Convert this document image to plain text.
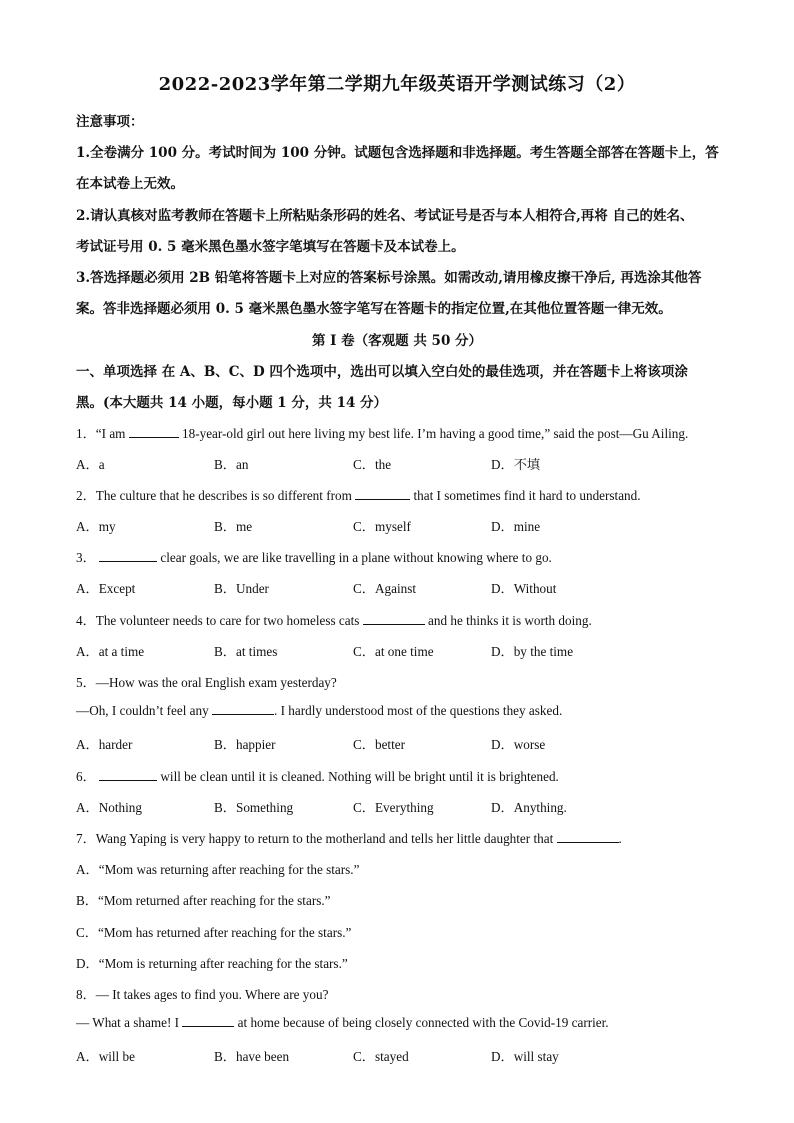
2022-2023学年第二学期九年级英语开学测试练习（2）
注意事项：
1.全卷满分 100 分。考试时间为 100 分钟。试题包含选择题和非选择题。考生答题全部答在答题卡上，答
在本试卷上无效。
2.请认真核对监考教师在答题卡上所粘贴条形码的姓名、考试证号是否与本人相符合,再将 自己的姓名、
考试证号用 0. 5 毫米黑色墨水签字笔填写在答题卡及本试卷上。
3.答选择题必须用 2B 铅笔将答题卡上对应的答案标号涂黑。如需改动,请用橡皮擦干净后, 再选涂其他答
案。答非选择题必须用 0. 5 毫米黑色墨水签字笔写在答题卡的指定位置,在其他位置答题一律无效。
第 I 卷（客观题 共 50 分）
一、单项选择 在 A、B、C、D 四个选项中，选出可以填入空白处的最佳选项，并在答题卡上将该项涂
黑。(本大题共 14 小题，每小题 1 分，共 14 分）
1．“I am	18-year-old girl out here living my best life. I’m having a good time,” said the post—Gu Ailing.
A．a	B．an	C．the	D．不填
2．The culture that he describes is so different from	that I sometimes find it hard to understand.
A．my	B．me	C．myself	D．mine
3．	clear goals, we are like travelling in a plane without knowing where to go.
A．Except	B．Under	C．Against	D．Without
4．The volunteer needs to care for two homeless cats	and he thinks it is worth doing.
A．at a time	B．at times	C．at one time	D．by the time
5．—How was the oral English exam yesterday?
—Oh, I couldn’t feel any	. I hardly understood most of the questions they asked.
A．harder	B．happier	C．better	D．worse
6．	will be clean until it is cleaned. Nothing will be bright until it is brightened.
A．Nothing	B．Something	C．Everything	D．Anything.
7．Wang Yaping is very happy to return to the motherland and tells her little daughter that	.
A．“Mom was returning after reaching for the stars.”
B．“Mom returned after reaching for the stars.”
C．“Mom has returned after reaching for the stars.”
D．“Mom is returning after reaching for the stars.”
8．— It takes ages to find you. Where are you?
— What a shame! I	at home because of being closely connected with the Covid-19 carrier.
A．will be	B．have been	C．stayed	D．will stay
